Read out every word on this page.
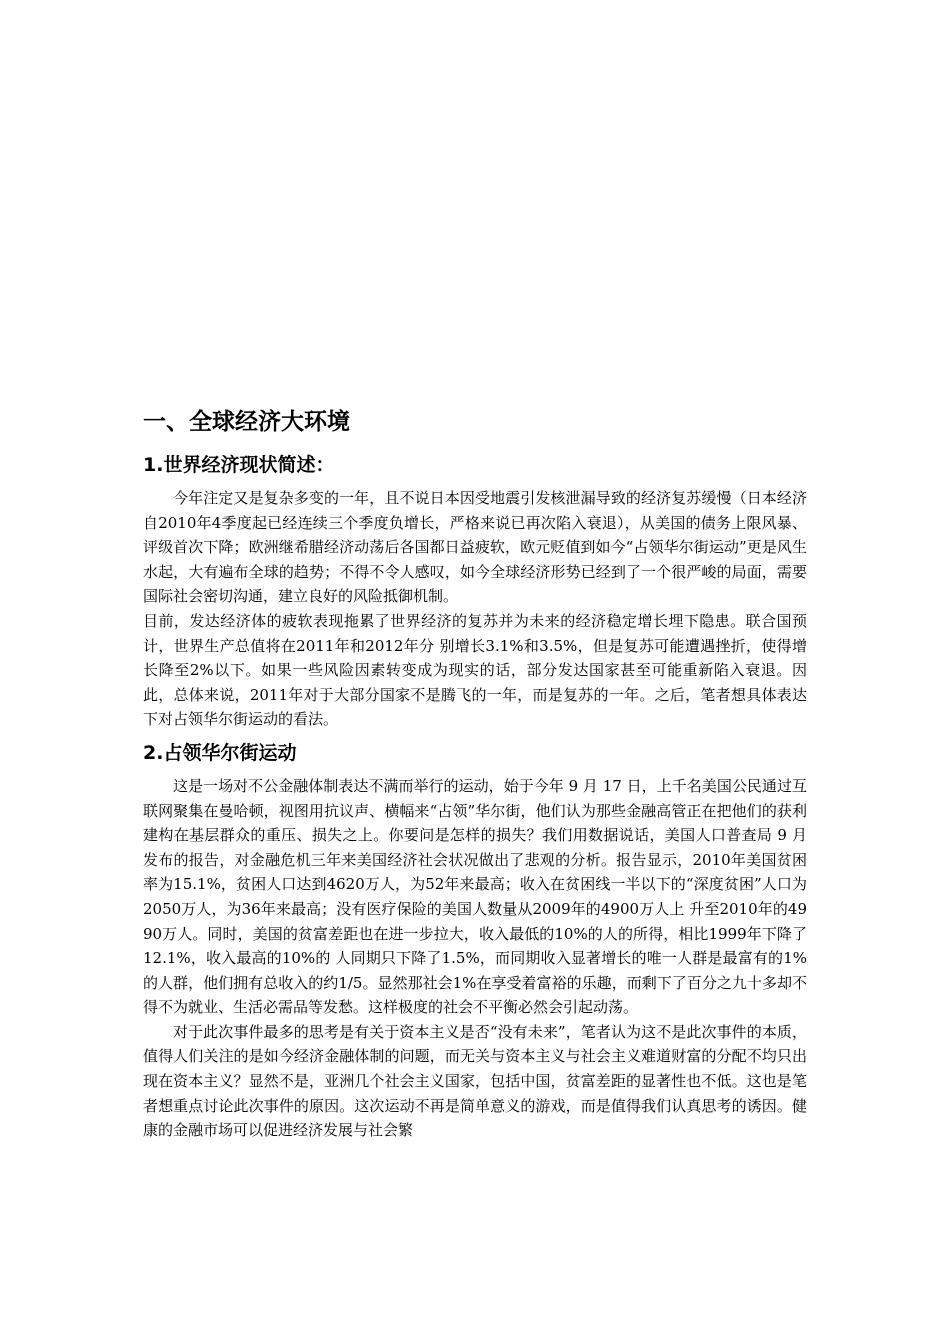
一、全球经济大环境
1.世界经济现状简述：

今年注定又是复杂多变的一年，且不说日本因受地震引发核泄漏导致的经济复苏缓慢（日本经济自2010年4季度起已经连续三个季度负增长，严格来说已再次陷入衰退），从美国的债务上限风暴、评级首次下降；欧洲继希腊经济动荡后各国都日益疲软，欧元贬值到如今“占领华尔街运动”更是风生水起，大有遍布全球的趋势；不得不令人感叹，如今全球经济形势已经到了一个很严峻的局面，需要国际社会密切沟通，建立良好的风险抵御机制。

目前，发达经济体的疲软表现拖累了世界经济的复苏并为未来的经济稳定增长埋下隐患。联合国预计，世界生产总值将在2011年和2012年分 别增长3.1%和3.5%，但是复苏可能遭遇挫折，使得增长降至2%以下。如果一些风险因素转变成为现实的话，部分发达国家甚至可能重新陷入衰退。因此，总体来说，2011年对于大部分国家不是腾飞的一年，而是复苏的一年。之后，笔者想具体表达下对占领华尔街运动的看法。

2.占领华尔街运动

这是一场对不公金融体制表达不满而举行的运动，始于今年 9 月 17 日，上千名美国公民通过互联网聚集在曼哈顿，视图用抗议声、横幅来“占领”华尔街，他们认为那些金融高管正在把他们的获利建构在基层群众的重压、损失之上。你要问是怎样的损失？我们用数据说话，美国人口普查局 9 月发布的报告，对金融危机三年来美国经济社会状况做出了悲观的分析。报告显示，2010年美国贫困率为15.1%，贫困人口达到4620万人，为52年来最高；收入在贫困线一半以下的“深度贫困”人口为2050万人，为36年来最高；没有医疗保险的美国人数量从2009年的4900万人上 升至2010年的4990万人。同时，美国的贫富差距也在进一步拉大，收入最低的10%的人的所得，相比1999年下降了12.1%，收入最高的10%的 人同期只下降了1.5%，而同期收入显著增长的唯一人群是最富有的1%的人群，他们拥有总收入的约1/5。显然那社会1%在享受着富裕的乐趣，而剩下了百分之九十多却不得不为就业、生活必需品等发愁。这样极度的社会不平衡必然会引起动荡。

对于此次事件最多的思考是有关于资本主义是否“没有未来”，笔者认为这不是此次事件的本质，值得人们关注的是如今经济金融体制的问题，而无关与资本主义与社会主义难道财富的分配不均只出现在资本主义？显然不是，亚洲几个社会主义国家，包括中国，贫富差距的显著性也不低。这也是笔者想重点讨论此次事件的原因。这次运动不再是简单意义的游戏，而是值得我们认真思考的诱因。健康的金融市场可以促进经济发展与社会繁
